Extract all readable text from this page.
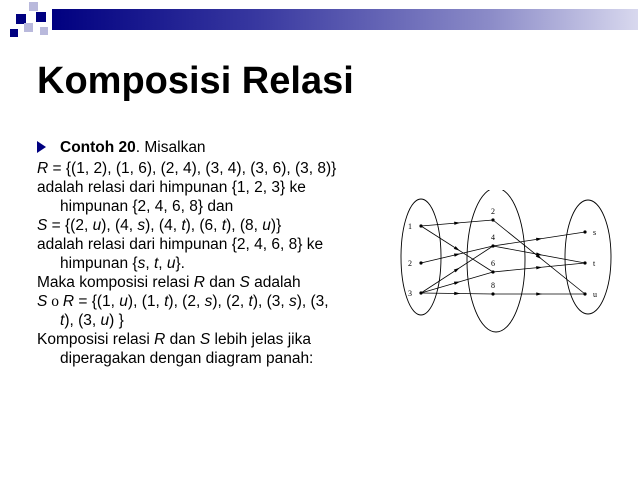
Komposisi Relasi
Contoh 20. Misalkan
R = {(1, 2), (1, 6), (2, 4), (3, 4), (3, 6), (3, 8)}
adalah relasi dari himpunan {1, 2, 3} ke
himpunan {2, 4, 6, 8} dan
S = {(2, u), (4, s), (4, t), (6, t), (8, u)}
adalah relasi dari himpunan {2, 4, 6, 8} ke
himpunan {s, t, u}.
Maka komposisi relasi R dan S adalah
S ο R = {(1, u), (1, t), (2, s), (2, t), (3, s), (3,
t), (3, u) }
Komposisi relasi R dan S lebih jelas jika
diperagakan dengan diagram panah:
1
2
3
2
4
6
8
s
t
u
